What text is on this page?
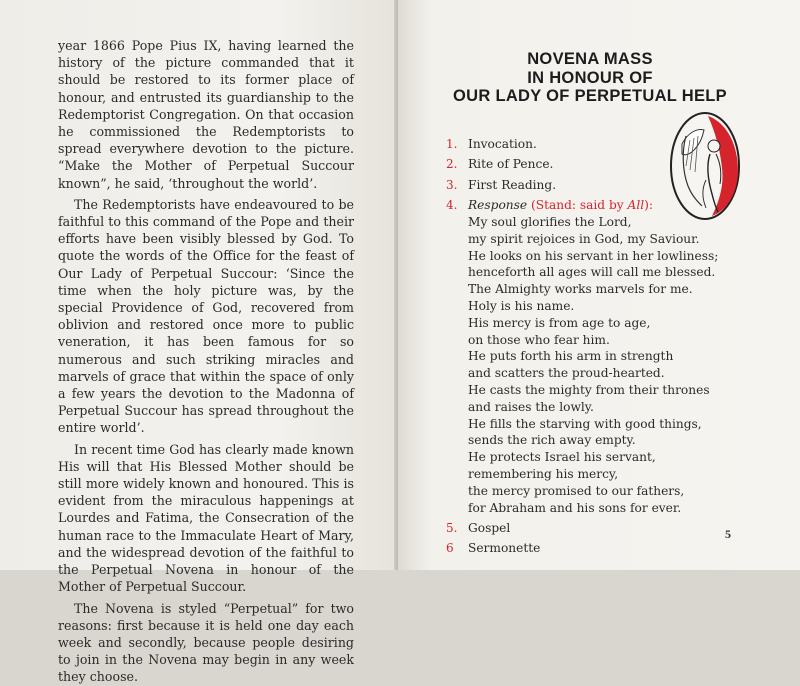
year 1866 Pope Pius IX, having learned the history of the picture commanded that it should be restored to its former place of honour, and entrusted its guardianship to the Redemptorist Congregation. On that occasion he commissioned the Redemptorists to spread everywhere devotion to the picture. “Make the Mother of Perpetual Succour known”, he said, ‘throughout the world’.

The Redemptorists have endeavoured to be faithful to this command of the Pope and their efforts have been visibly blessed by God. To quote the words of the Office for the feast of Our Lady of Perpetual Succour: ‘Since the time when the holy picture was, by the special Providence of God, recovered from oblivion and restored once more to public veneration, it has been famous for so numerous and such striking miracles and marvels of grace that within the space of only a few years the devotion to the Madonna of Perpetual Succour has spread throughout the entire world’.

In recent time God has clearly made known His will that His Blessed Mother should be still more widely known and honoured. This is evident from the miraculous happenings at Lourdes and Fatima, the Consecration of the human race to the Immaculate Heart of Mary, and the widespread devotion of the faithful to the Perpetual Novena in honour of the Mother of Perpetual Succour.

The Novena is styled “Perpetual” for two reasons: first because it is held one day each week and secondly, because people desiring to join in the Novena may begin in any week they choose.

NOVENA MASS
IN HONOUR OF
OUR LADY OF PERPETUAL HELP
1. Invocation.
2. Rite of Pence.
3. First Reading.
4. Response (Stand: said by All):
My soul glorifies the Lord,
my spirit rejoices in God, my Saviour.
He looks on his servant in her lowliness;
henceforth all ages will call me blessed.
The Almighty works marvels for me.
Holy is his name.
His mercy is from age to age,
on those who fear him.
He puts forth his arm in strength
and scatters the proud-hearted.
He casts the mighty from their thrones
and raises the lowly.
He fills the starving with good things,
sends the rich away empty.
He protects Israel his servant,
remembering his mercy,
the mercy promised to our fathers,
for Abraham and his sons for ever.
5. Gospel
6 Sermonette
5
